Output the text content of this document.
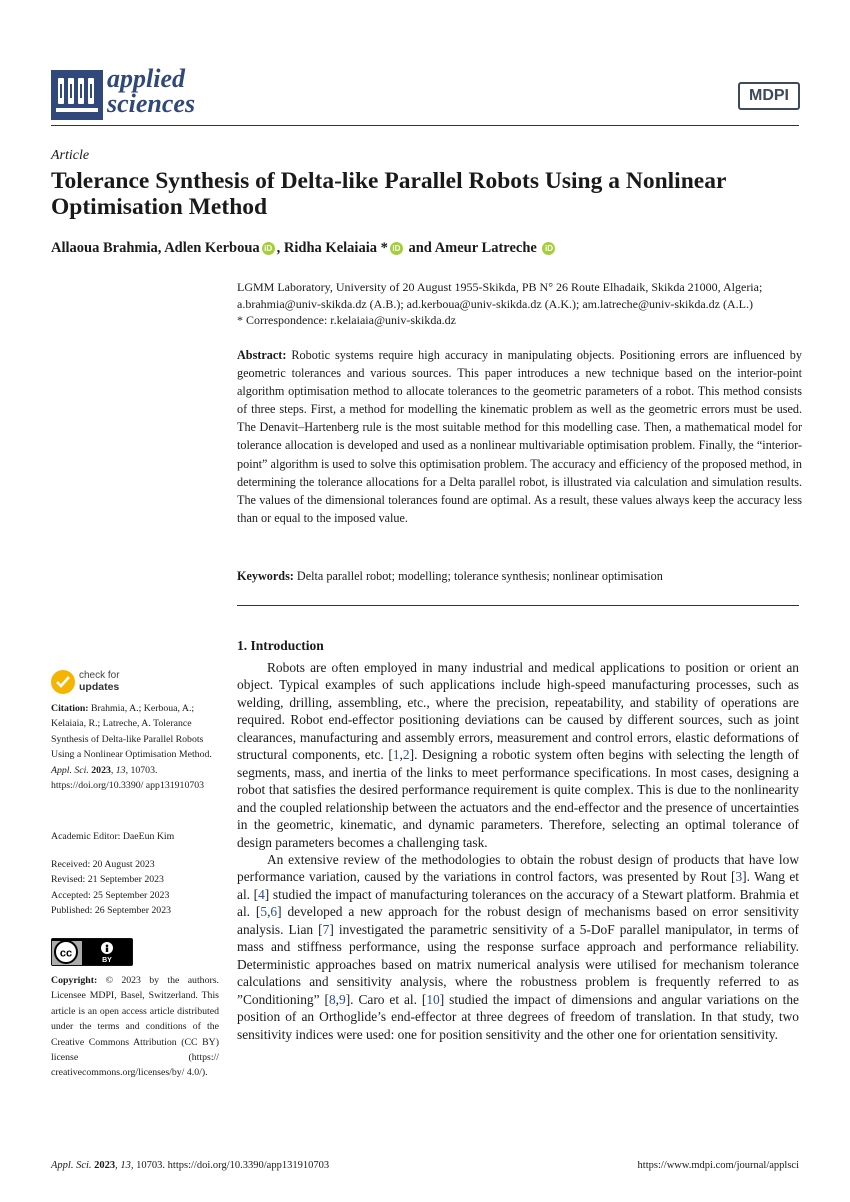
applied
sciences	MDPI
Article
Tolerance Synthesis of Delta-like Parallel Robots Using a Nonlinear Optimisation Method
Allaoua Brahmia, Adlen Kerboua iD , Ridha Kelaiaia * iD and Ameur Latreche iD
LGMM Laboratory, University of 20 August 1955-Skikda, PB N° 26 Route Elhadaik, Skikda 21000, Algeria;
a.brahmia@univ-skikda.dz (A.B.); ad.kerboua@univ-skikda.dz (A.K.); am.latreche@univ-skikda.dz (A.L.)
* Correspondence: r.kelaiaia@univ-skikda.dz
Abstract: Robotic systems require high accuracy in manipulating objects. Positioning errors are influenced by geometric tolerances and various sources. This paper introduces a new technique based on the interior-point algorithm optimisation method to allocate tolerances to the geometric parameters of a robot. This method consists of three steps. First, a method for modelling the kinematic problem as well as the geometric errors must be used. The Denavit–Hartenberg rule is the most suitable method for this modelling case. Then, a mathematical model for tolerance allocation is developed and used as a nonlinear multivariable optimisation problem. Finally, the “interior-point” algorithm is used to solve this optimisation problem. The accuracy and efficiency of the proposed method, in determining the tolerance allocations for a Delta parallel robot, is illustrated via calculation and simulation results. The values of the dimensional tolerances found are optimal. As a result, these values always keep the accuracy less than or equal to the imposed value.
Keywords: Delta parallel robot; modelling; tolerance synthesis; nonlinear optimisation
1. Introduction

Robots are often employed in many industrial and medical applications to position or orient an object. Typical examples of such applications include high-speed manufacturing processes, such as welding, drilling, assembling, etc., where the precision, repeatability, and stability of operations are required. Robot end-effector positioning deviations can be caused by different sources, such as joint clearances, manufacturing and assembly errors, measurement and control errors, elastic deformations of structural components, etc. [1,2]. Designing a robotic system often begins with selecting the length of segments, mass, and inertia of the links to meet performance specifications. In most cases, designing a robot that satisfies the desired performance requirement is quite complex. This is due to the nonlinearity and the coupled relationship between the actuators and the end-effector and the presence of uncertainties in the geometric, kinematic, and dynamic parameters. Therefore, selecting an optimal tolerance of design parameters becomes a challenging task.

An extensive review of the methodologies to obtain the robust design of products that have low performance variation, caused by the variations in control factors, was presented by Rout [3]. Wang et al. [4] studied the impact of manufacturing tolerances on the accuracy of a Stewart platform. Brahmia et al. [5,6] developed a new approach for the robust design of mechanisms based on error sensitivity analysis. Lian [7] investigated the parametric sensitivity of a 5-DoF parallel manipulator, in terms of mass and stiffness performance, using the response surface approach and performance reliability. Deterministic approaches based on matrix numerical analysis were utilised for mechanism tolerance calculations and sensitivity analysis, where the robustness problem is frequently referred to as ”Conditioning” [8,9]. Caro et al. [10] studied the impact of dimensions and angular variations on the position of an Orthoglide’s end-effector at three degrees of freedom of translation. In that study, two sensitivity indices were used: one for position sensitivity and the other one for orientation sensitivity.

check for
updates
Citation: Brahmia, A.; Kerboua, A.; Kelaiaia, R.; Latreche, A. Tolerance Synthesis of Delta-like Parallel Robots Using a Nonlinear Optimisation Method. Appl. Sci. 2023, 13, 10703. https://doi.org/10.3390/ app131910703
Academic Editor: DaeEun Kim
Received: 20 August 2023
Revised: 21 September 2023
Accepted: 25 September 2023
Published: 26 September 2023
cc
BY
Copyright: © 2023 by the authors. Licensee MDPI, Basel, Switzerland. This article is an open access article distributed under the terms and conditions of the Creative Commons Attribution (CC BY) license (https:// creativecommons.org/licenses/by/ 4.0/).
Appl. Sci. 2023, 13, 10703. https://doi.org/10.3390/app131910703	https://www.mdpi.com/journal/applsci
